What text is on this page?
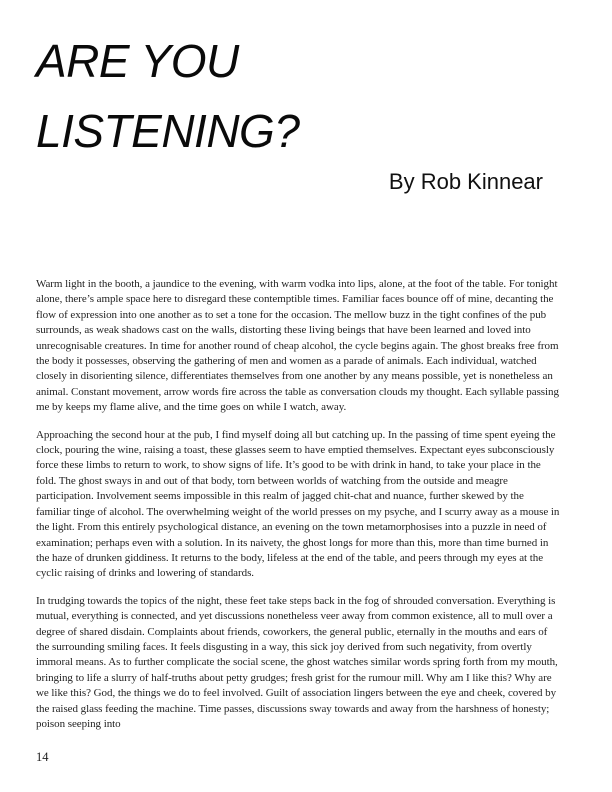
ARE YOU
LISTENING?
By Rob Kinnear

Warm light in the booth, a jaundice to the evening, with warm vodka into lips, alone, at the foot of the table. For tonight alone, there’s ample space here to disregard these contemptible times. Familiar faces bounce off of mine, decanting the flow of expression into one another as to set a tone for the occasion. The mellow buzz in the tight confines of the pub surrounds, as weak shadows cast on the walls, distorting these living beings that have been learned and loved into unrecognisable creatures. In time for another round of cheap alcohol, the cycle begins again. The ghost breaks free from the body it possesses, observing the gathering of men and women as a parade of animals. Each individual, watched closely in disorienting silence, differentiates themselves from one another by any means possible, yet is nonetheless an animal. Constant movement, arrow words fire across the table as conversation clouds my thought. Each syllable passing me by keeps my flame alive, and the time goes on while I watch, away.

Approaching the second hour at the pub, I find myself doing all but catching up. In the passing of time spent eyeing the clock, pouring the wine, raising a toast, these glasses seem to have emptied themselves. Expectant eyes subconsciously force these limbs to return to work, to show signs of life. It’s good to be with drink in hand, to take your place in the fold. The ghost sways in and out of that body, torn between worlds of watching from the outside and meagre participation. Involvement seems impossible in this realm of jagged chit-chat and nuance, further skewed by the familiar tinge of alcohol. The overwhelming weight of the world presses on my psyche, and I scurry away as a mouse in the light. From this entirely psychological distance, an evening on the town metamorphosises into a puzzle in need of examination; perhaps even with a solution. In its naivety, the ghost longs for more than this, more than time burned in the haze of drunken giddiness. It returns to the body, lifeless at the end of the table, and peers through my eyes at the cyclic raising of drinks and lowering of standards.

In trudging towards the topics of the night, these feet take steps back in the fog of shrouded conversation. Everything is mutual, everything is connected, and yet discussions nonetheless veer away from common existence, all to mull over a degree of shared disdain. Complaints about friends, coworkers, the general public, eternally in the mouths and ears of the surrounding smiling faces. It feels disgusting in a way, this sick joy derived from such negativity, from overtly immoral means. As to further complicate the social scene, the ghost watches similar words spring forth from my mouth, bringing to life a slurry of half-truths about petty grudges; fresh grist for the rumour mill. Why am I like this? Why are we like this? God, the things we do to feel involved. Guilt of association lingers between the eye and cheek, covered by the raised glass feeding the machine. Time passes, discussions sway towards and away from the harshness of honesty; poison seeping into

14
